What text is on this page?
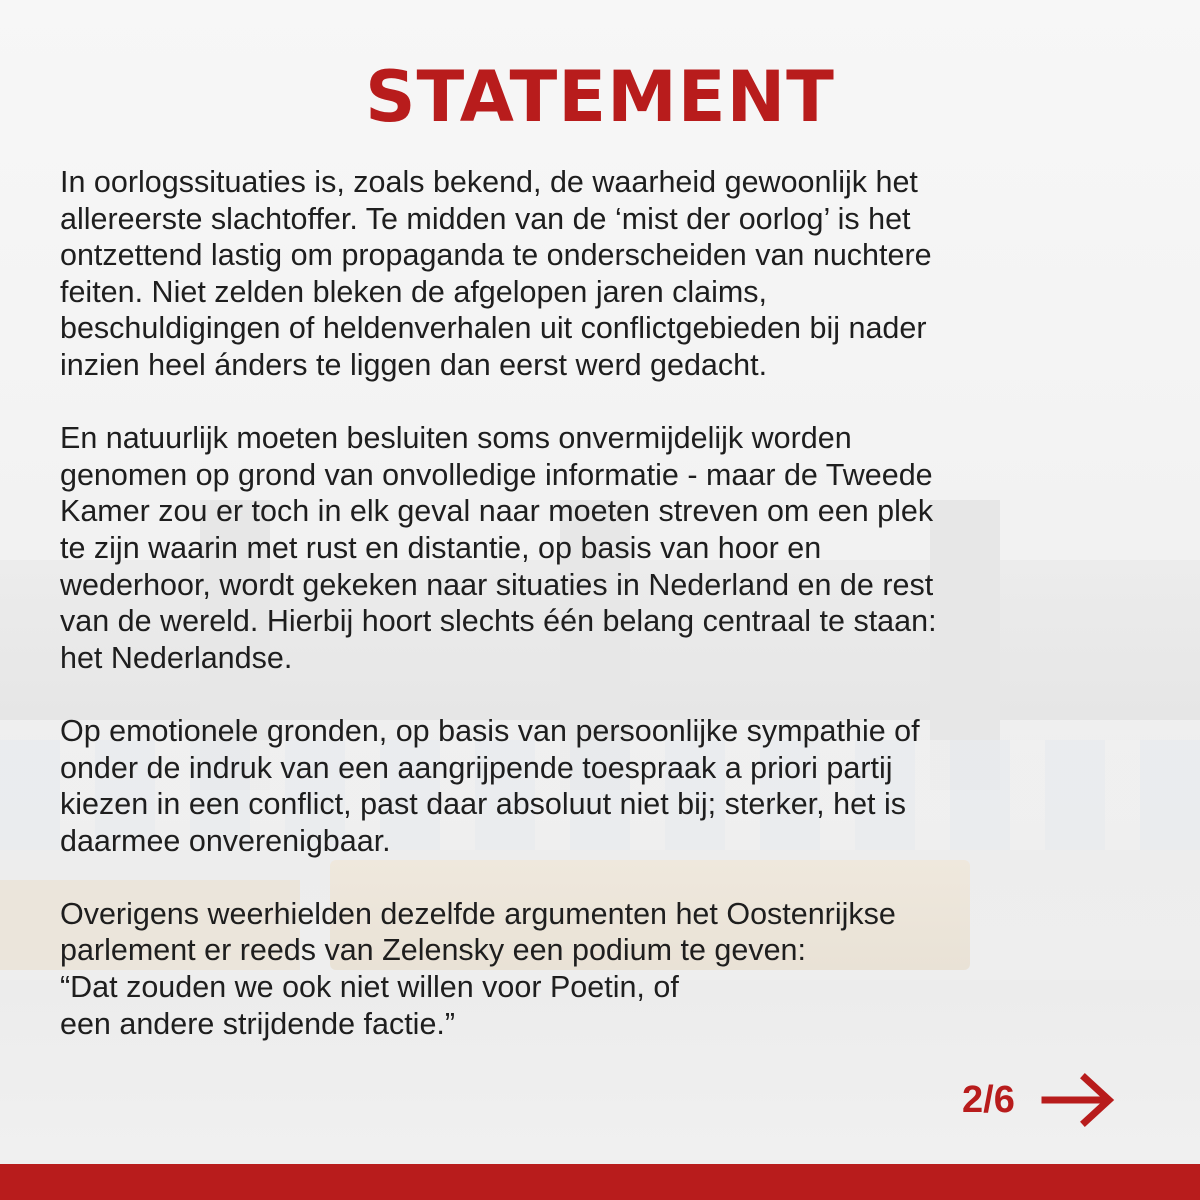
STATEMENT

In oorlogssituaties is, zoals bekend, de waarheid gewoonlijk het
allereerste slachtoffer. Te midden van de ‘mist der oorlog’ is het
ontzettend lastig om propaganda te onderscheiden van nuchtere
feiten. Niet zelden bleken de afgelopen jaren claims,
beschuldigingen of heldenverhalen uit conflictgebieden bij nader
inzien heel ánders te liggen dan eerst werd gedacht.

En natuurlijk moeten besluiten soms onvermijdelijk worden
genomen op grond van onvolledige informatie - maar de Tweede
Kamer zou er toch in elk geval naar moeten streven om een plek
te zijn waarin met rust en distantie, op basis van hoor en
wederhoor, wordt gekeken naar situaties in Nederland en de rest
van de wereld. Hierbij hoort slechts één belang centraal te staan:
het Nederlandse.

Op emotionele gronden, op basis van persoonlijke sympathie of
onder de indruk van een aangrijpende toespraak a priori partij
kiezen in een conflict, past daar absoluut niet bij; sterker, het is
daarmee onverenigbaar.

Overigens weerhielden dezelfde argumenten het Oostenrijkse
parlement er reeds van Zelensky een podium te geven:
“Dat zouden we ook niet willen voor Poetin, of
een andere strijdende factie.”

2/6
